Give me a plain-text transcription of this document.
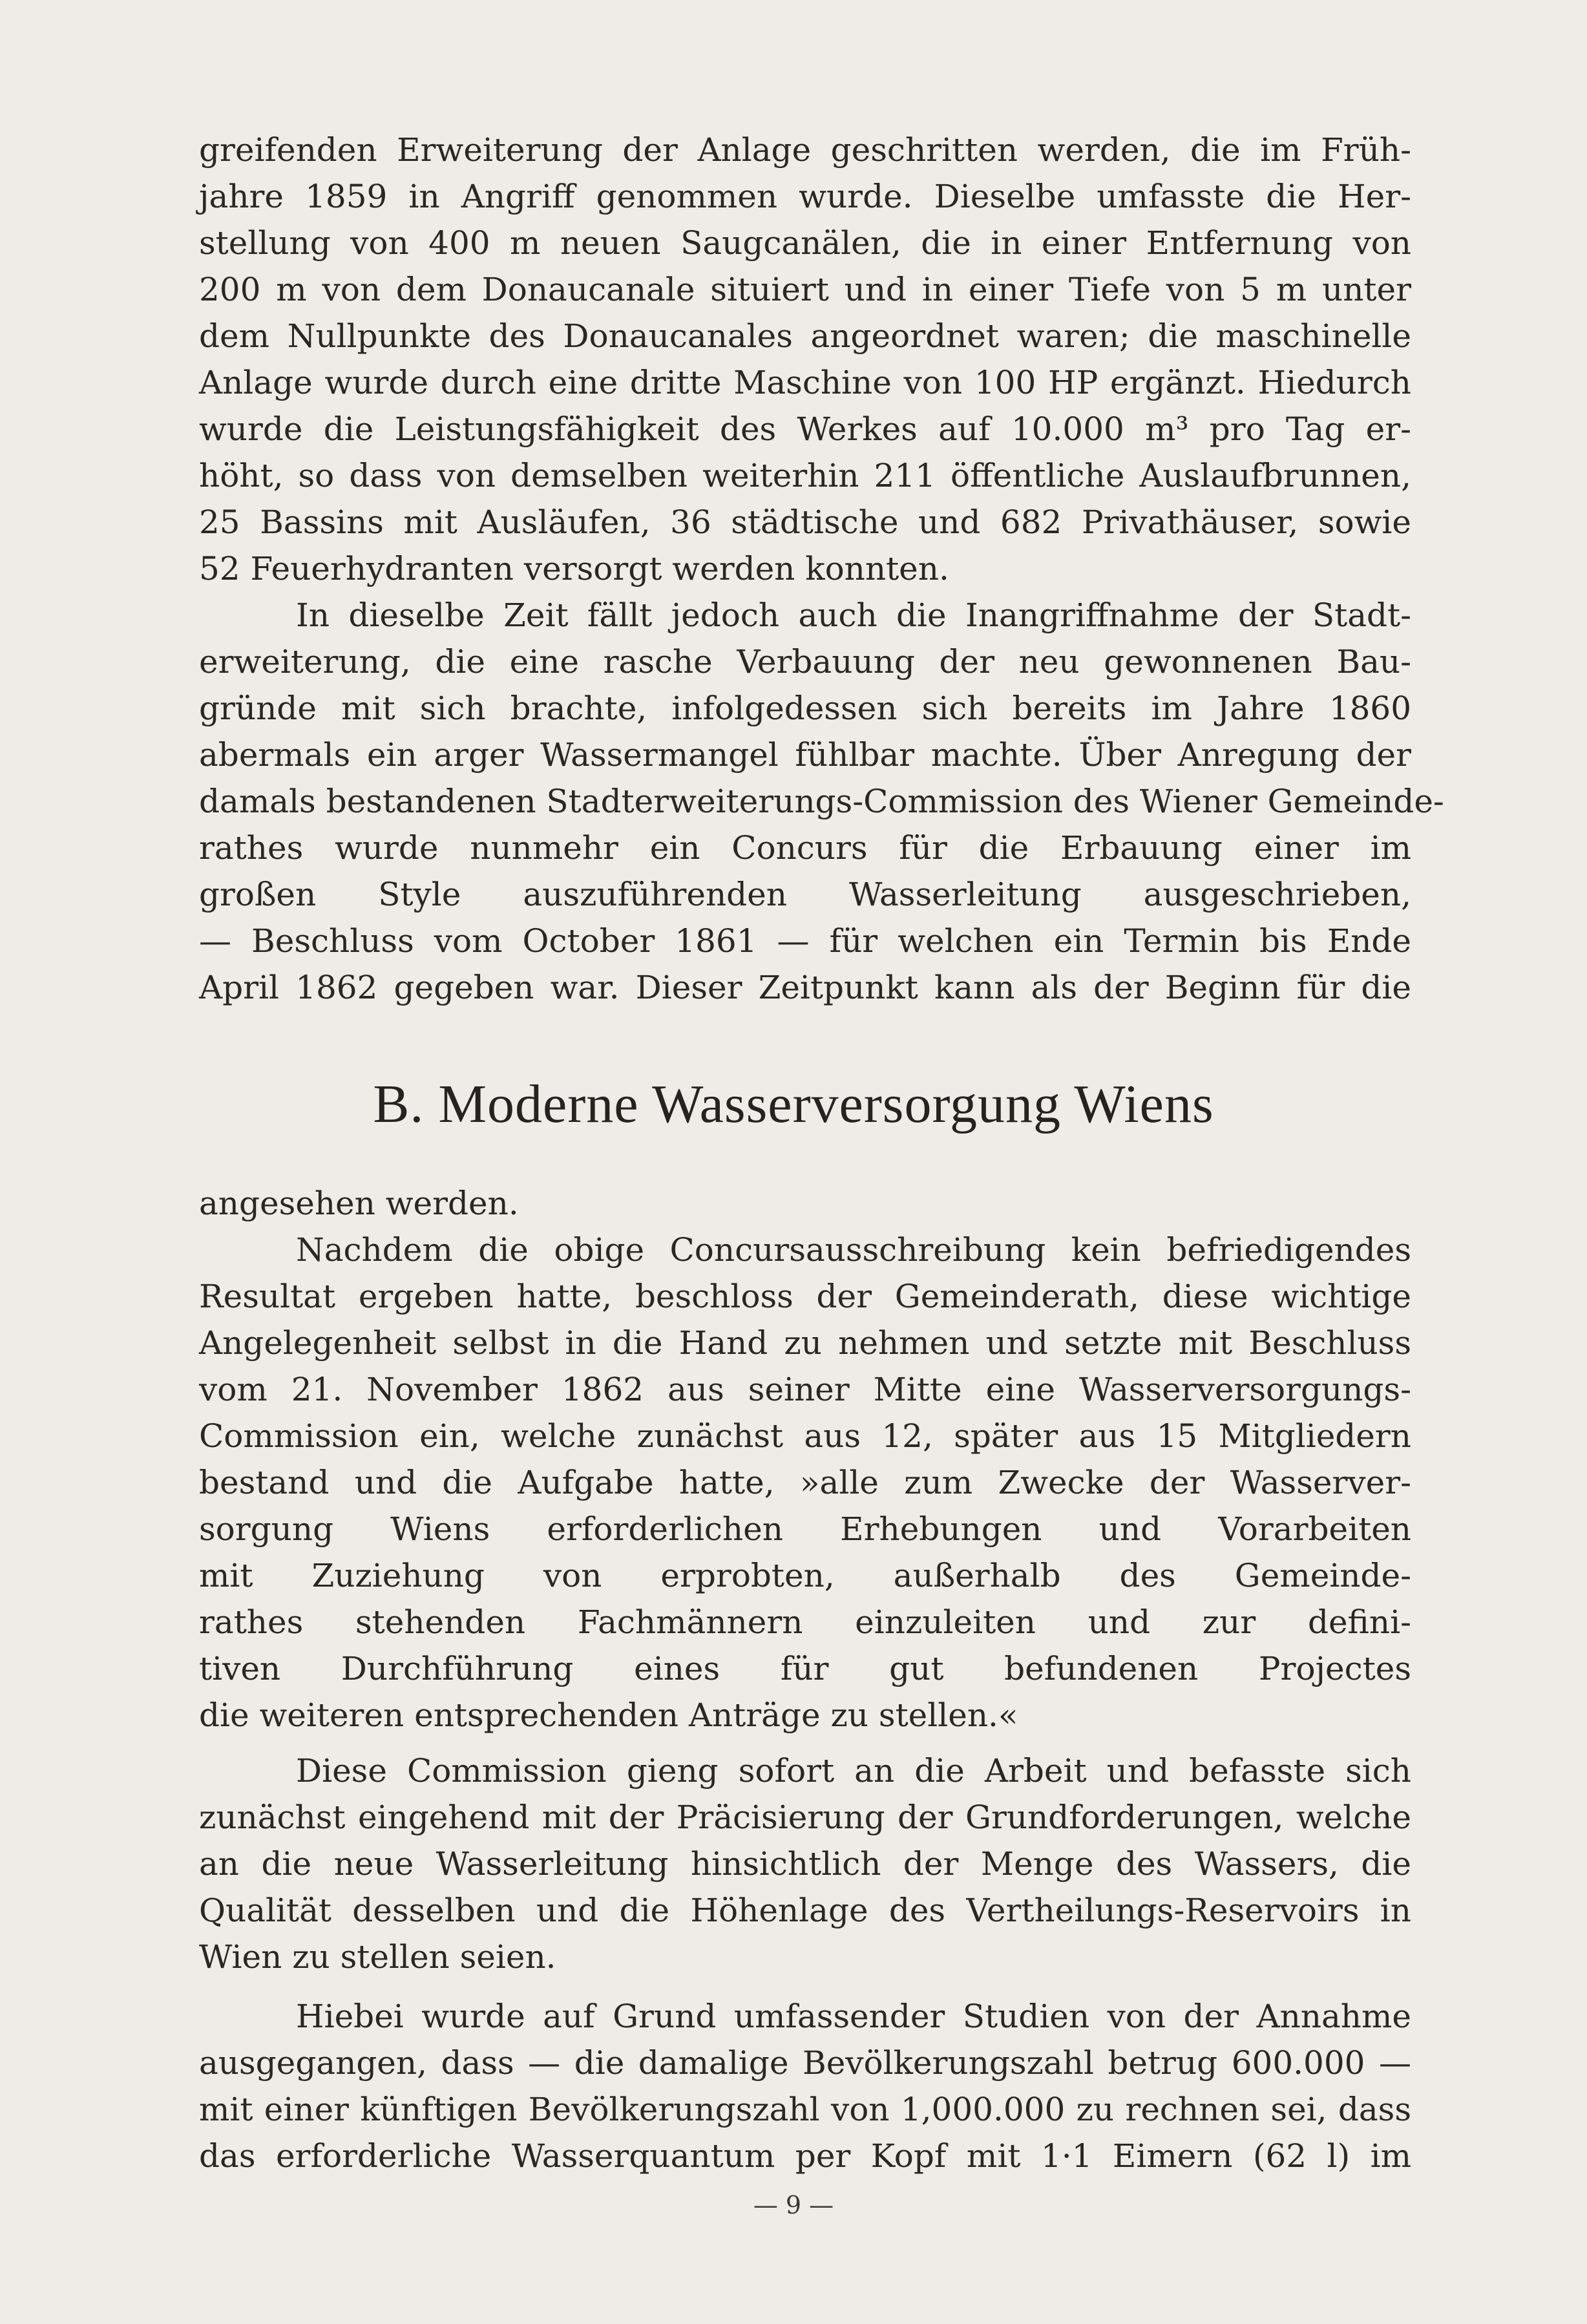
greifenden Erweiterung der Anlage geschritten werden, die im Früh-
jahre 1859 in Angriff genommen wurde. Dieselbe umfasste die Her-
stellung von 400 m neuen Saugcanälen, die in einer Entfernung von
200 m von dem Donaucanale situiert und in einer Tiefe von 5 m unter
dem Nullpunkte des Donaucanales angeordnet waren; die maschinelle
Anlage wurde durch eine dritte Maschine von 100 HP ergänzt. Hiedurch
wurde die Leistungsfähigkeit des Werkes auf 10.000 m³ pro Tag er-
höht, so dass von demselben weiterhin 211 öffentliche Auslaufbrunnen,
25 Bassins mit Ausläufen, 36 städtische und 682 Privathäuser, sowie
52 Feuerhydranten versorgt werden konnten.
In dieselbe Zeit fällt jedoch auch die Inangriffnahme der Stadt-
erweiterung, die eine rasche Verbauung der neu gewonnenen Bau-
gründe mit sich brachte, infolgedessen sich bereits im Jahre 1860
abermals ein arger Wassermangel fühlbar machte. Über Anregung der
damals bestandenen Stadterweiterungs-Commission des Wiener Gemeinde-
rathes wurde nunmehr ein Concurs für die Erbauung einer im
großen Style auszuführenden Wasserleitung ausgeschrieben,
— Beschluss vom October 1861 — für welchen ein Termin bis Ende
April 1862 gegeben war. Dieser Zeitpunkt kann als der Beginn für die
B. Moderne Wasserversorgung Wiens
angesehen werden.
Nachdem die obige Concursausschreibung kein befriedigendes
Resultat ergeben hatte, beschloss der Gemeinderath, diese wichtige
Angelegenheit selbst in die Hand zu nehmen und setzte mit Beschluss
vom 21. November 1862 aus seiner Mitte eine Wasserversorgungs-
Commission ein, welche zunächst aus 12, später aus 15 Mitgliedern
bestand und die Aufgabe hatte, »alle zum Zwecke der Wasserver-
sorgung Wiens erforderlichen Erhebungen und Vorarbeiten
mit Zuziehung von erprobten, außerhalb des Gemeinde-
rathes stehenden Fachmännern einzuleiten und zur defini-
tiven Durchführung eines für gut befundenen Projectes
die weiteren entsprechenden Anträge zu stellen.«
Diese Commission gieng sofort an die Arbeit und befasste sich
zunächst eingehend mit der Präcisierung der Grundforderungen, welche
an die neue Wasserleitung hinsichtlich der Menge des Wassers, die
Qualität desselben und die Höhenlage des Vertheilungs-Reservoirs in
Wien zu stellen seien.
Hiebei wurde auf Grund umfassender Studien von der Annahme
ausgegangen, dass — die damalige Bevölkerungszahl betrug 600.000 —
mit einer künftigen Bevölkerungszahl von 1,000.000 zu rechnen sei, dass
das erforderliche Wasserquantum per Kopf mit 1·1 Eimern (62 l) im
— 9 —
